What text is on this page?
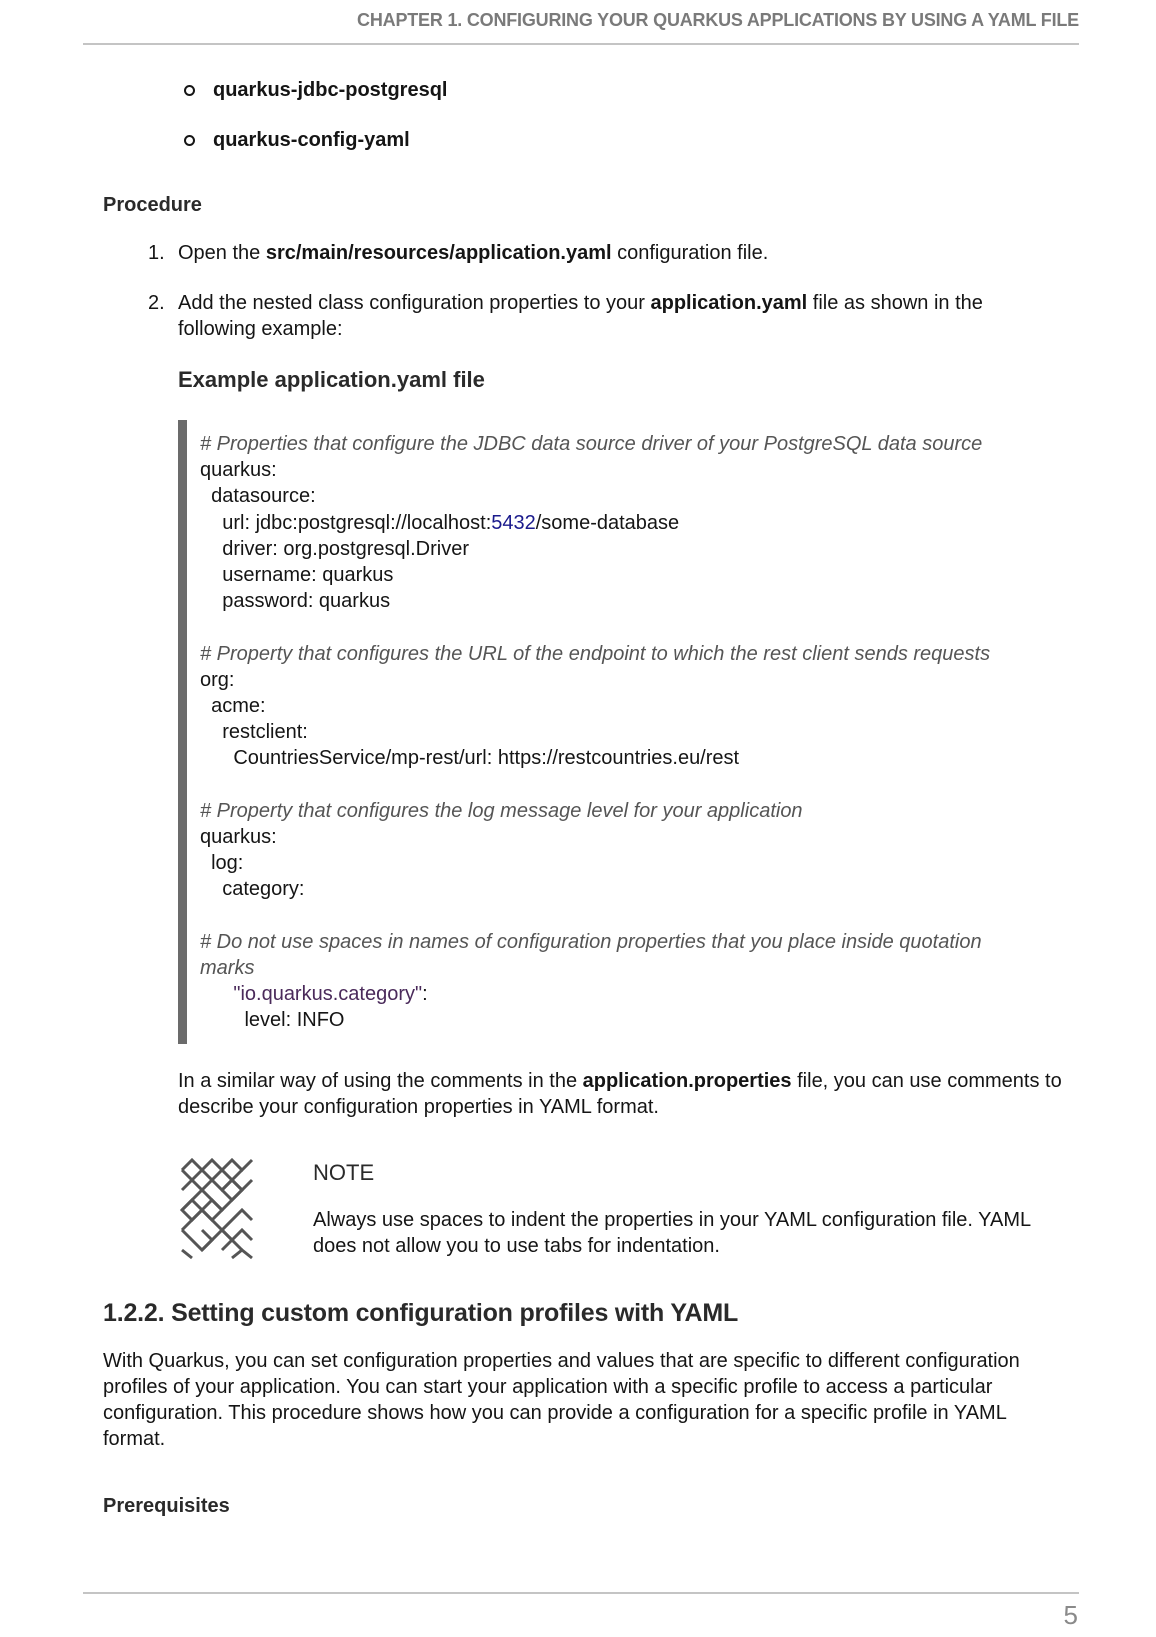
CHAPTER 1. CONFIGURING YOUR QUARKUS APPLICATIONS BY USING A YAML FILE
quarkus-jdbc-postgresql
quarkus-config-yaml
Procedure
1. Open the src/main/resources/application.yaml configuration file.
2. Add the nested class configuration properties to your application.yaml file as shown in the following example:
Example application.yaml file
# Properties that configure the JDBC data source driver of your PostgreSQL data source
quarkus:
datasource:
url: jdbc:postgresql://localhost:5432/some-database
driver: org.postgresql.Driver
username: quarkus
password: quarkus

# Property that configures the URL of the endpoint to which the rest client sends requests
org:
acme:
restclient:
CountriesService/mp-rest/url: https://restcountries.eu/rest

# Property that configures the log message level for your application
quarkus:
log:
category:

# Do not use spaces in names of configuration properties that you place inside quotation
marks
"io.quarkus.category":
level: INFO
In a similar way of using the comments in the application.properties file, you can use comments to describe your configuration properties in YAML format.
NOTE
Always use spaces to indent the properties in your YAML configuration file. YAML does not allow you to use tabs for indentation.
1.2.2. Setting custom configuration profiles with YAML
With Quarkus, you can set configuration properties and values that are specific to different configuration profiles of your application. You can start your application with a specific profile to access a particular configuration. This procedure shows how you can provide a configuration for a specific profile in YAML format.
Prerequisites
5
